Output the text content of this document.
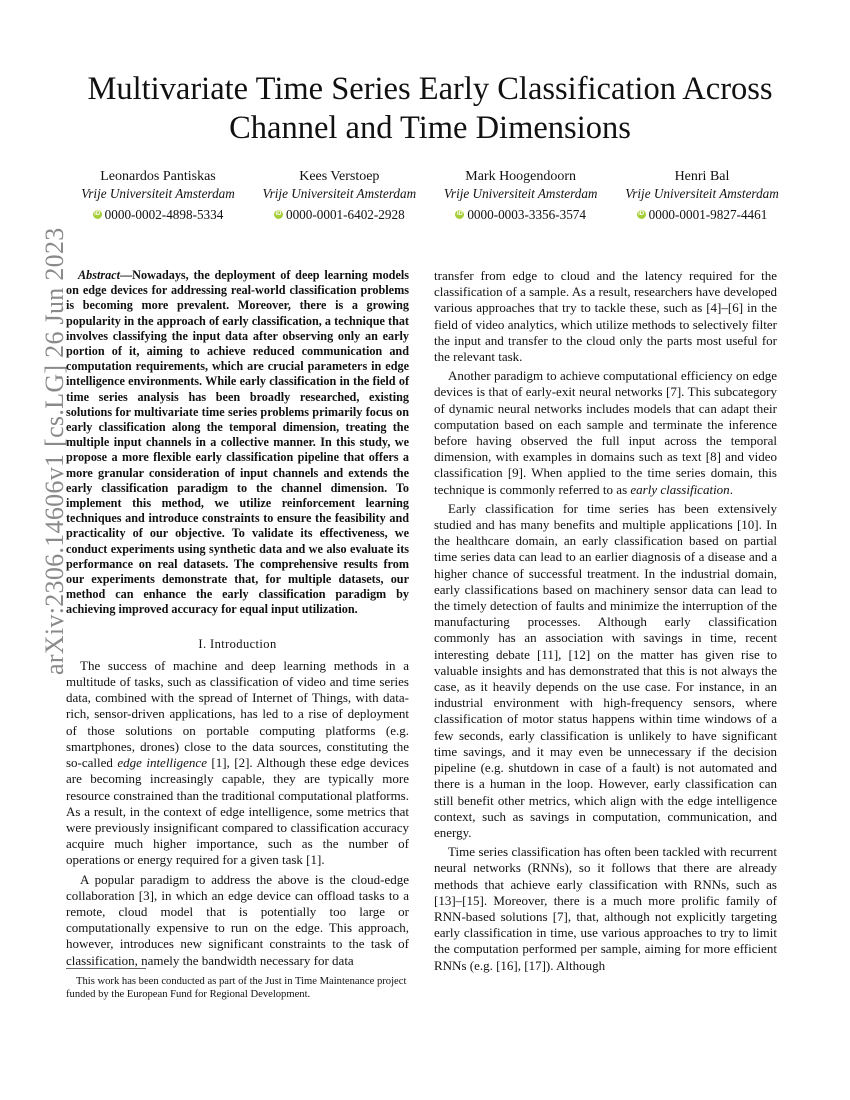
arXiv:2306.14606v1 [cs.LG] 26 Jun 2023
Multivariate Time Series Early Classification Across Channel and Time Dimensions
Leonardos Pantiskas
Vrije Universiteit Amsterdam
iD 0000-0002-4898-5334
Kees Verstoep
Vrije Universiteit Amsterdam
iD 0000-0001-6402-2928
Mark Hoogendoorn
Vrije Universiteit Amsterdam
iD 0000-0003-3356-3574
Henri Bal
Vrije Universiteit Amsterdam
iD 0000-0001-9827-4461

Abstract—Nowadays, the deployment of deep learning models on edge devices for addressing real-world classification problems is becoming more prevalent. Moreover, there is a growing popularity in the approach of early classification, a technique that involves classifying the input data after observing only an early portion of it, aiming to achieve reduced communication and computation requirements, which are crucial parameters in edge intelligence environments. While early classification in the field of time series analysis has been broadly researched, existing solutions for multivariate time series problems primarily focus on early classification along the temporal dimension, treating the multiple input channels in a collective manner. In this study, we propose a more flexible early classification pipeline that offers a more granular consideration of input channels and extends the early classification paradigm to the channel dimension. To implement this method, we utilize reinforcement learning techniques and introduce constraints to ensure the feasibility and practicality of our objective. To validate its effectiveness, we conduct experiments using synthetic data and we also evaluate its performance on real datasets. The comprehensive results from our experiments demonstrate that, for multiple datasets, our method can enhance the early classification paradigm by achieving improved accuracy for equal input utilization.

I. Introduction

The success of machine and deep learning methods in a multitude of tasks, such as classification of video and time series data, combined with the spread of Internet of Things, with data-rich, sensor-driven applications, has led to a rise of deployment of those solutions on portable computing platforms (e.g. smartphones, drones) close to the data sources, constituting the so-called edge intelligence [1], [2]. Although these edge devices are becoming increasingly capable, they are typically more resource constrained than the traditional computational platforms. As a result, in the context of edge intelligence, some metrics that were previously insignificant compared to classification accuracy acquire much higher importance, such as the number of operations or energy required for a given task [1].

A popular paradigm to address the above is the cloud-edge collaboration [3], in which an edge device can offload tasks to a remote, cloud model that is potentially too large or computationally expensive to run on the edge. This approach, however, introduces new significant constraints to the task of classification, namely the bandwidth necessary for data

This work has been conducted as part of the Just in Time Maintenance project funded by the European Fund for Regional Development.

transfer from edge to cloud and the latency required for the classification of a sample. As a result, researchers have developed various approaches that try to tackle these, such as [4]–[6] in the field of video analytics, which utilize methods to selectively filter the input and transfer to the cloud only the parts most useful for the relevant task.

Another paradigm to achieve computational efficiency on edge devices is that of early-exit neural networks [7]. This subcategory of dynamic neural networks includes models that can adapt their computation based on each sample and terminate the inference before having observed the full input across the temporal dimension, with examples in domains such as text [8] and video classification [9]. When applied to the time series domain, this technique is commonly referred to as early classification.

Early classification for time series has been extensively studied and has many benefits and multiple applications [10]. In the healthcare domain, an early classification based on partial time series data can lead to an earlier diagnosis of a disease and a higher chance of successful treatment. In the industrial domain, early classifications based on machinery sensor data can lead to the timely detection of faults and minimize the interruption of the manufacturing processes. Although early classification commonly has an association with savings in time, recent interesting debate [11], [12] on the matter has given rise to valuable insights and has demonstrated that this is not always the case, as it heavily depends on the use case. For instance, in an industrial environment with high-frequency sensors, where classification of motor status happens within time windows of a few seconds, early classification is unlikely to have significant time savings, and it may even be unnecessary if the decision pipeline (e.g. shutdown in case of a fault) is not automated and there is a human in the loop. However, early classification can still benefit other metrics, which align with the edge intelligence context, such as savings in computation, communication, and energy.

Time series classification has often been tackled with recurrent neural networks (RNNs), so it follows that there are already methods that achieve early classification with RNNs, such as [13]–[15]. Moreover, there is a much more prolific family of RNN-based solutions [7], that, although not explicitly targeting early classification in time, use various approaches to try to limit the computation performed per sample, aiming for more efficient RNNs (e.g. [16], [17]). Although
